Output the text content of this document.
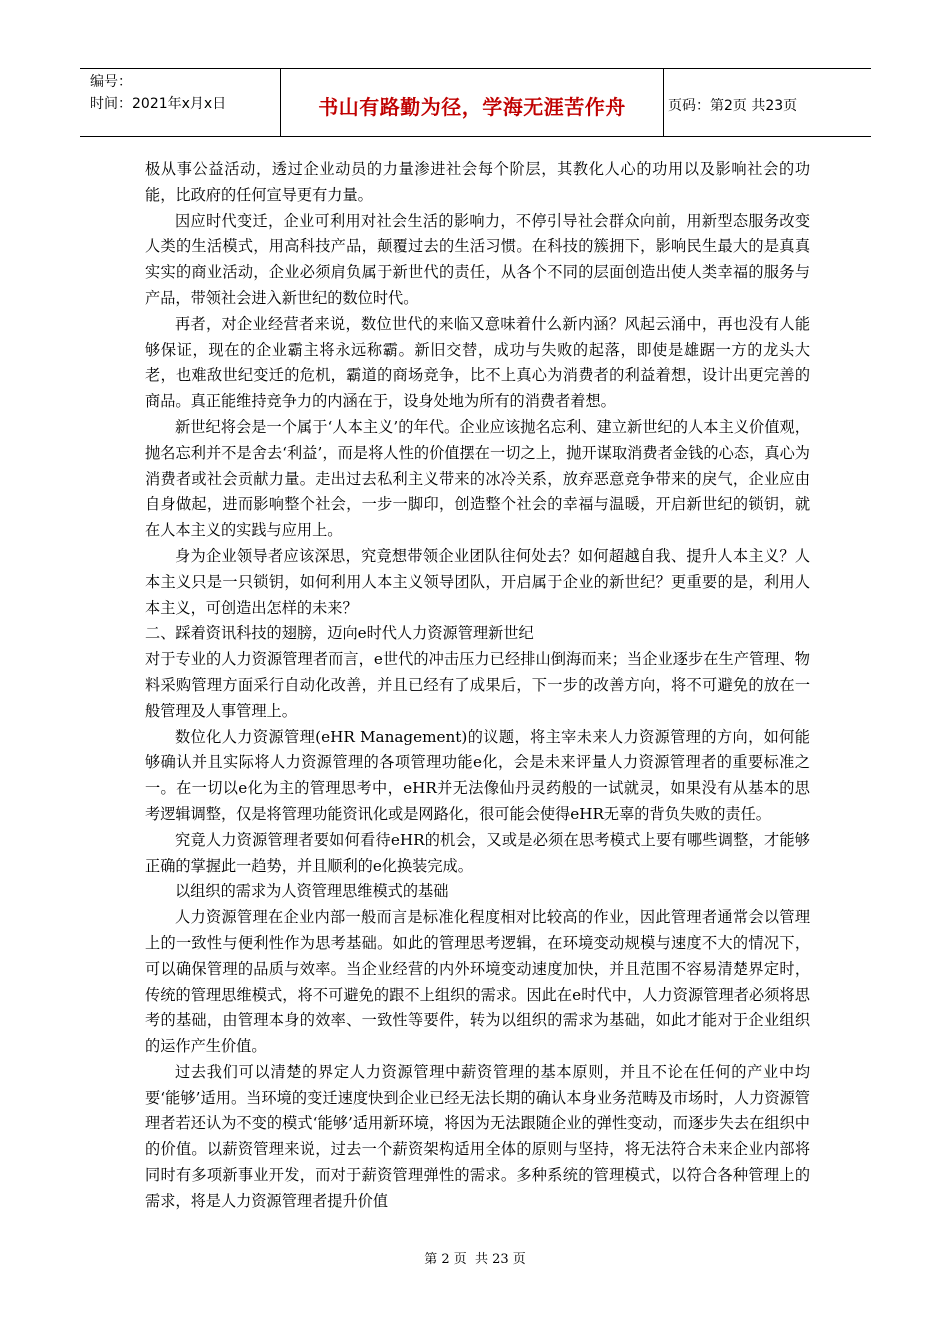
编号：
时间：2021年x月x日	书山有路勤为径，学海无涯苦作舟	页码：第2页 共23页

极从事公益活动，透过企业动员的力量渗进社会每个阶层，其教化人心的功用以及影响社会的功能，比政府的任何宣导更有力量。

因应时代变迁，企业可利用对社会生活的影响力，不停引导社会群众向前，用新型态服务改变人类的生活模式，用高科技产品，颠覆过去的生活习惯。在科技的簇拥下，影响民生最大的是真真实实的商业活动，企业必须肩负属于新世代的责任，从各个不同的层面创造出使人类幸福的服务与产品，带领社会进入新世纪的数位时代。

再者，对企业经营者来说，数位世代的来临又意味着什么新内涵？风起云涌中，再也没有人能够保证，现在的企业霸主将永远称霸。新旧交替，成功与失败的起落，即使是雄踞一方的龙头大老，也难敌世纪变迁的危机，霸道的商场竞争，比不上真心为消费者的利益着想，设计出更完善的商品。真正能维持竞争力的内涵在于，设身处地为所有的消费者着想。

新世纪将会是一个属于‘人本主义’的年代。企业应该抛名忘利、建立新世纪的人本主义价值观，抛名忘利并不是舍去‘利益’，而是将人性的价值摆在一切之上，抛开谋取消费者金钱的心态，真心为消费者或社会贡献力量。走出过去私利主义带来的冰冷关系，放弃恶意竞争带来的戾气，企业应由自身做起，进而影响整个社会，一步一脚印，创造整个社会的幸福与温暖，开启新世纪的锁钥，就在人本主义的实践与应用上。

身为企业领导者应该深思，究竟想带领企业团队往何处去？如何超越自我、提升人本主义？人本主义只是一只锁钥，如何利用人本主义领导团队，开启属于企业的新世纪？更重要的是，利用人本主义，可创造出怎样的未来？

二、踩着资讯科技的翅膀，迈向e时代人力资源管理新世纪

对于专业的人力资源管理者而言，e世代的冲击压力已经排山倒海而来；当企业逐步在生产管理、物料采购管理方面采行自动化改善，并且已经有了成果后，下一步的改善方向，将不可避免的放在一般管理及人事管理上。

数位化人力资源管理(eHR Management)的议题，将主宰未来人力资源管理的方向，如何能够确认并且实际将人力资源管理的各项管理功能e化，会是未来评量人力资源管理者的重要标准之一。在一切以e化为主的管理思考中，eHR并无法像仙丹灵药般的一试就灵，如果没有从基本的思考逻辑调整，仅是将管理功能资讯化或是网路化，很可能会使得eHR无辜的背负失败的责任。

究竟人力资源管理者要如何看待eHR的机会，又或是必须在思考模式上要有哪些调整，才能够正确的掌握此一趋势，并且顺利的e化换装完成。

以组织的需求为人资管理思维模式的基础

人力资源管理在企业内部一般而言是标准化程度相对比较高的作业，因此管理者通常会以管理上的一致性与便利性作为思考基础。如此的管理思考逻辑，在环境变动规模与速度不大的情况下，可以确保管理的品质与效率。当企业经营的内外环境变动速度加快，并且范围不容易清楚界定时，传统的管理思维模式，将不可避免的跟不上组织的需求。因此在e时代中，人力资源管理者必须将思考的基础，由管理本身的效率、一致性等要件，转为以组织的需求为基础，如此才能对于企业组织的运作产生价值。

过去我们可以清楚的界定人力资源管理中薪资管理的基本原则，并且不论在任何的产业中均要‘能够’适用。当环境的变迁速度快到企业已经无法长期的确认本身业务范畴及市场时，人力资源管理者若还认为不变的模式‘能够’适用新环境，将因为无法跟随企业的弹性变动，而逐步失去在组织中的价值。以薪资管理来说，过去一个薪资架构适用全体的原则与坚持，将无法符合未来企业内部将同时有多项新事业开发，而对于薪资管理弹性的需求。多种系统的管理模式，以符合各种管理上的需求，将是人力资源管理者提升价值

第 2 页  共 23 页
